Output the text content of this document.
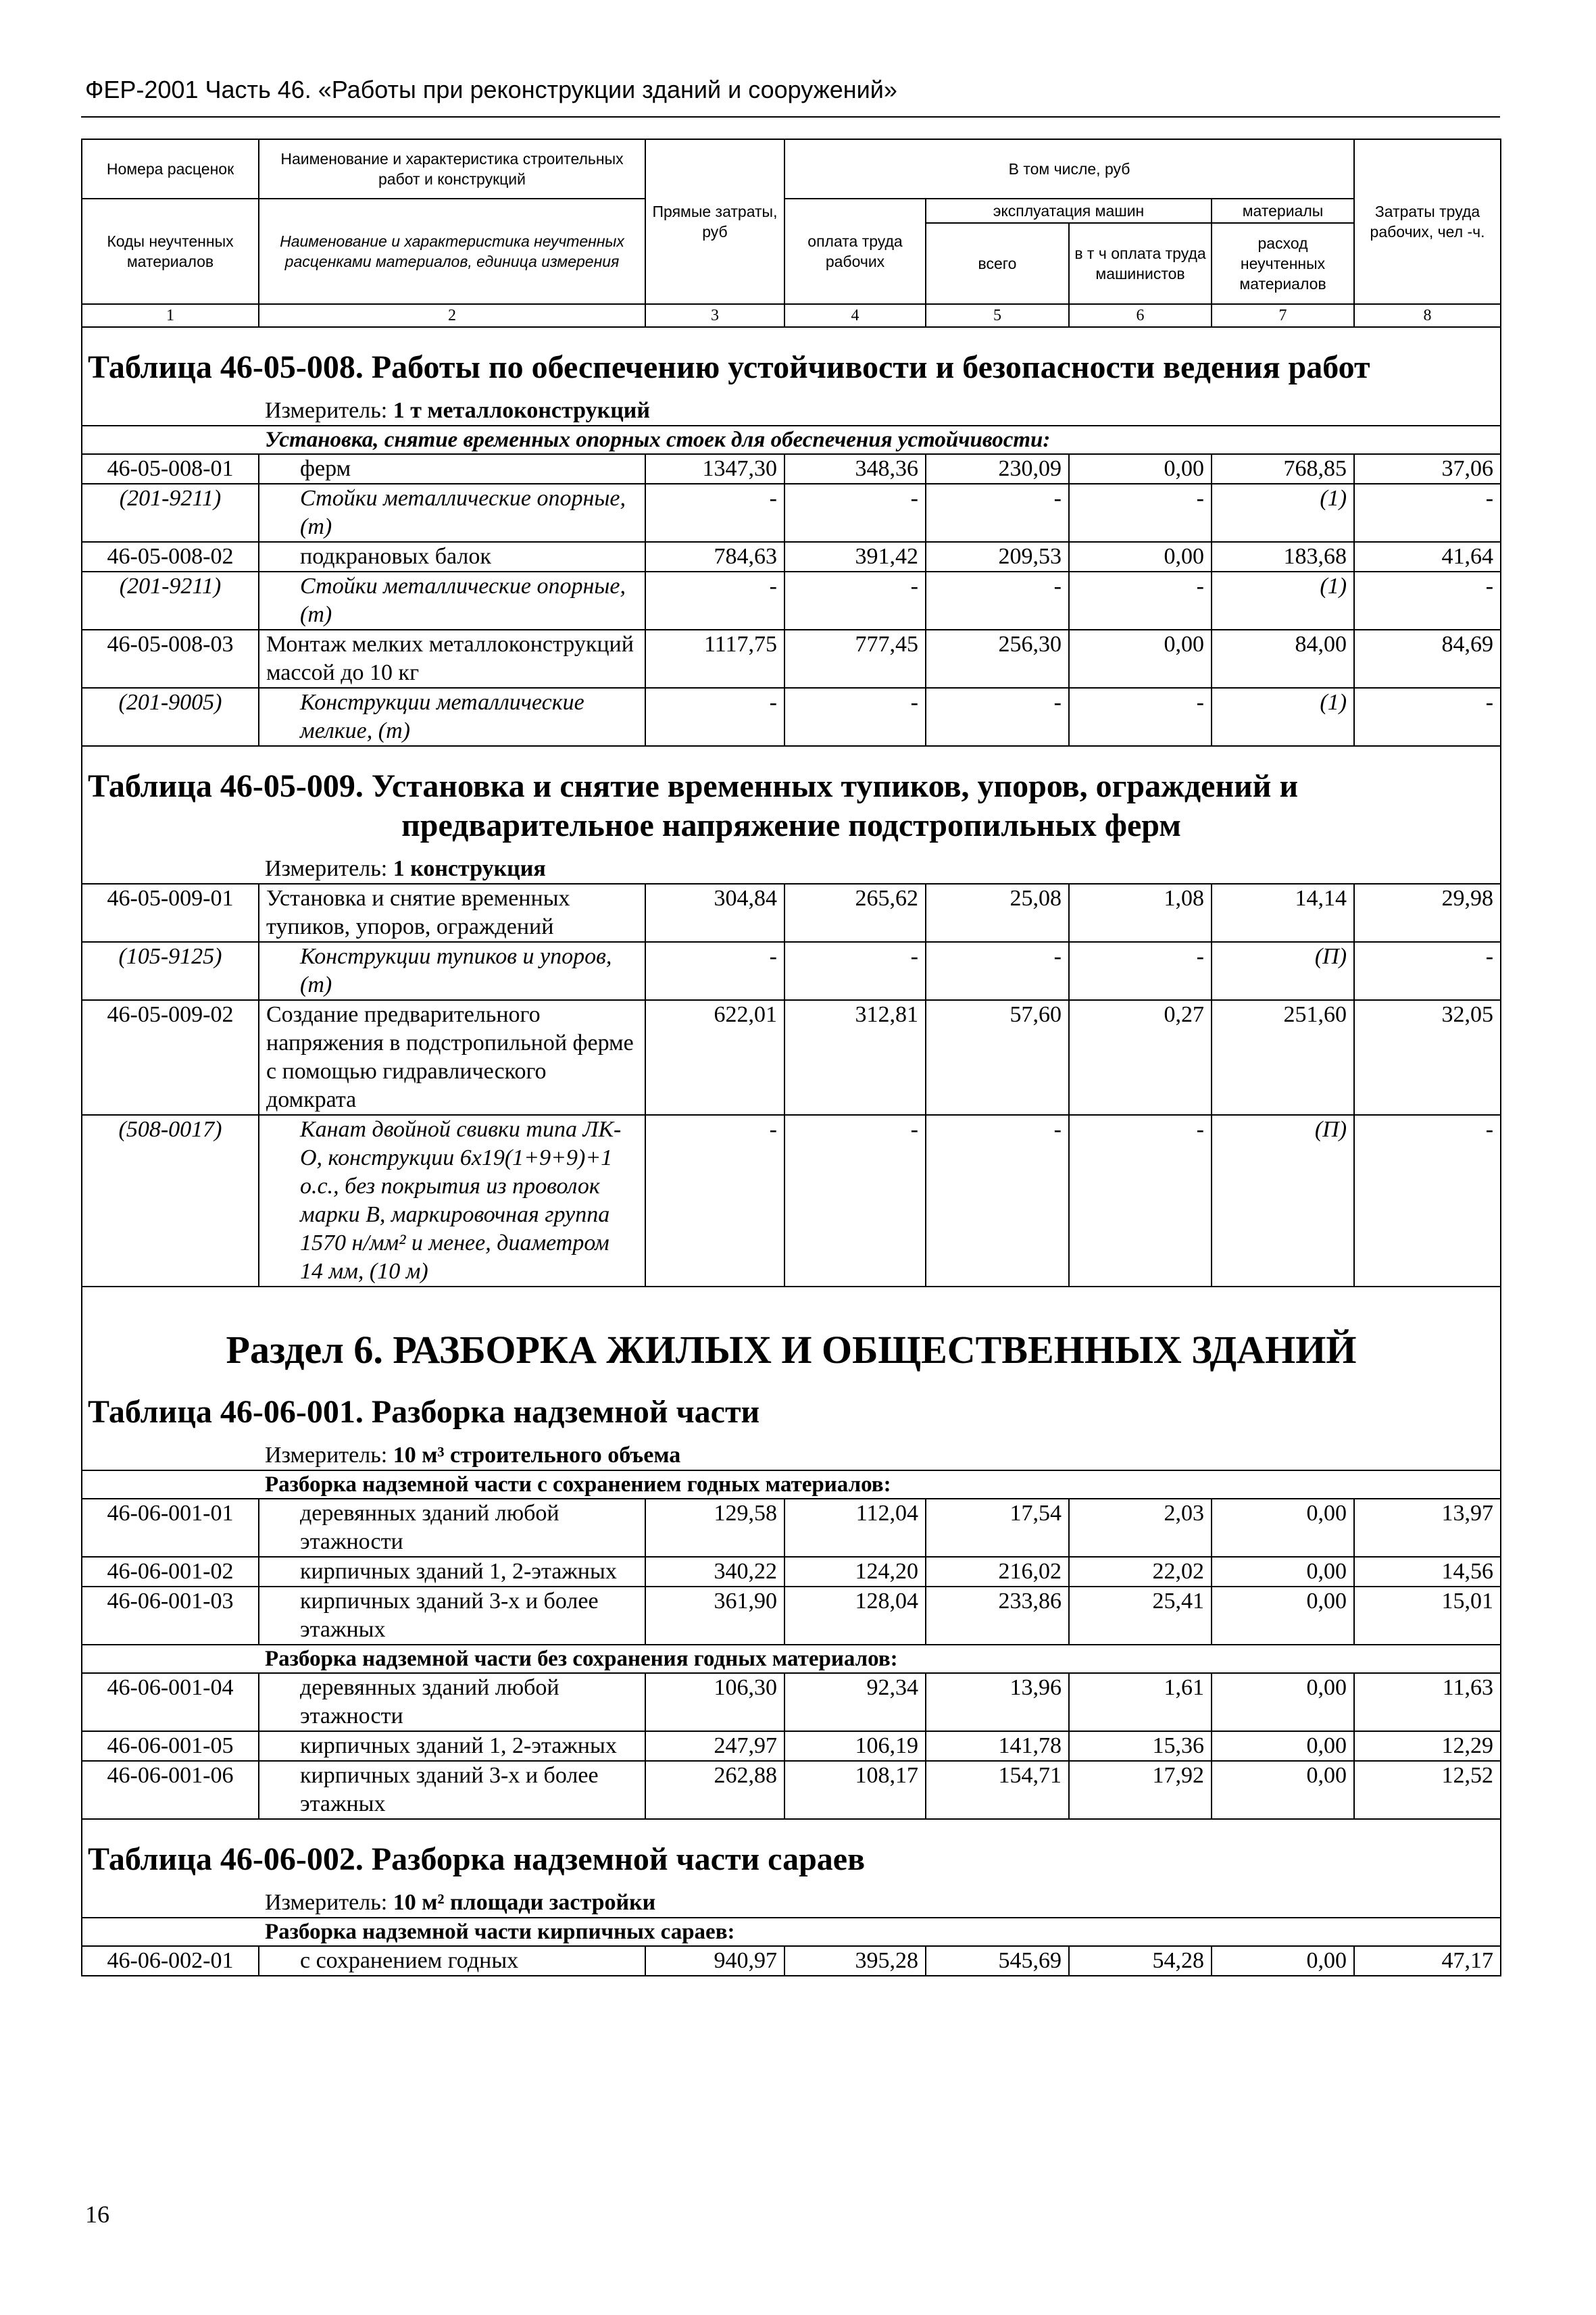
ФЕР-2001 Часть 46. «Работы при реконструкции зданий и сооружений»
Номера расценок	Наименование и характеристика строительных работ и конструкций	Прямые затраты, руб	В том числе, руб				Затраты труда рабочих, чел -ч.
Коды неучтенных материалов	Наименование и характеристика неучтенных расценками материалов, единица измерения		оплата труда рабочих	эксплуатация машин		материалы	
				всего	в т ч оплата труда машинистов	расход неучтенных материалов	
1	2	3	4	5	6	7	8
Таблица 46-05-008. Работы по обеспечению устойчивости и безопасности ведения работ							
Измеритель: 1 т металлоконструкций							
Установка, снятие временных опорных стоек для обеспечения устойчивости:							
46-05-008-01	ферм	1347,30	348,36	230,09	0,00	768,85	37,06
(201-9211)	Стойки металлические опорные, (т)	-	-	-	-	(1)	-
46-05-008-02	подкрановых балок	784,63	391,42	209,53	0,00	183,68	41,64
(201-9211)	Стойки металлические опорные, (т)	-	-	-	-	(1)	-
46-05-008-03	Монтаж мелких металлоконструкций массой до 10 кг	1117,75	777,45	256,30	0,00	84,00	84,69
(201-9005)	Конструкции металлические мелкие, (т)	-	-	-	-	(1)	-
Таблица 46-05-009. Установка и снятие временных тупиков, упоров, ограждений и
предварительное напряжение подстропильных ферм							

Измеритель: 1 конструкция							
46-05-009-01	Установка и снятие временных тупиков, упоров, ограждений	304,84	265,62	25,08	1,08	14,14	29,98
(105-9125)	Конструкции тупиков и упоров, (т)	-	-	-	-	(П)	-
46-05-009-02	Создание предварительного напряжения в подстропильной ферме с помощью гидравлического домкрата	622,01	312,81	57,60	0,27	251,60	32,05
(508-0017)	Канат двойной свивки типа ЛК-О, конструкции 6х19(1+9+9)+1 о.с., без покрытия из проволок марки В, маркировочная группа 1570 н/мм² и менее, диаметром 14 мм, (10 м)	-	-	-	-	(П)	-
Раздел 6. РАЗБОРКА ЖИЛЫХ И ОБЩЕСТВЕННЫХ ЗДАНИЙ							
Таблица 46-06-001. Разборка надземной части							
Измеритель: 10 м³ строительного объема							
Разборка надземной части с сохранением годных материалов:							
46-06-001-01	деревянных зданий любой этажности	129,58	112,04	17,54	2,03	0,00	13,97
46-06-001-02	кирпичных зданий 1, 2-этажных	340,22	124,20	216,02	22,02	0,00	14,56
46-06-001-03	кирпичных зданий 3-х и более этажных	361,90	128,04	233,86	25,41	0,00	15,01
Разборка надземной части без сохранения годных материалов:							
46-06-001-04	деревянных зданий любой этажности	106,30	92,34	13,96	1,61	0,00	11,63
46-06-001-05	кирпичных зданий 1, 2-этажных	247,97	106,19	141,78	15,36	0,00	12,29
46-06-001-06	кирпичных зданий 3-х и более этажных	262,88	108,17	154,71	17,92	0,00	12,52
Таблица 46-06-002. Разборка надземной части сараев							
Измеритель: 10 м² площади застройки							
Разборка надземной части кирпичных сараев:							
46-06-002-01	с сохранением годных	940,97	395,28	545,69	54,28	0,00	47,17
16
